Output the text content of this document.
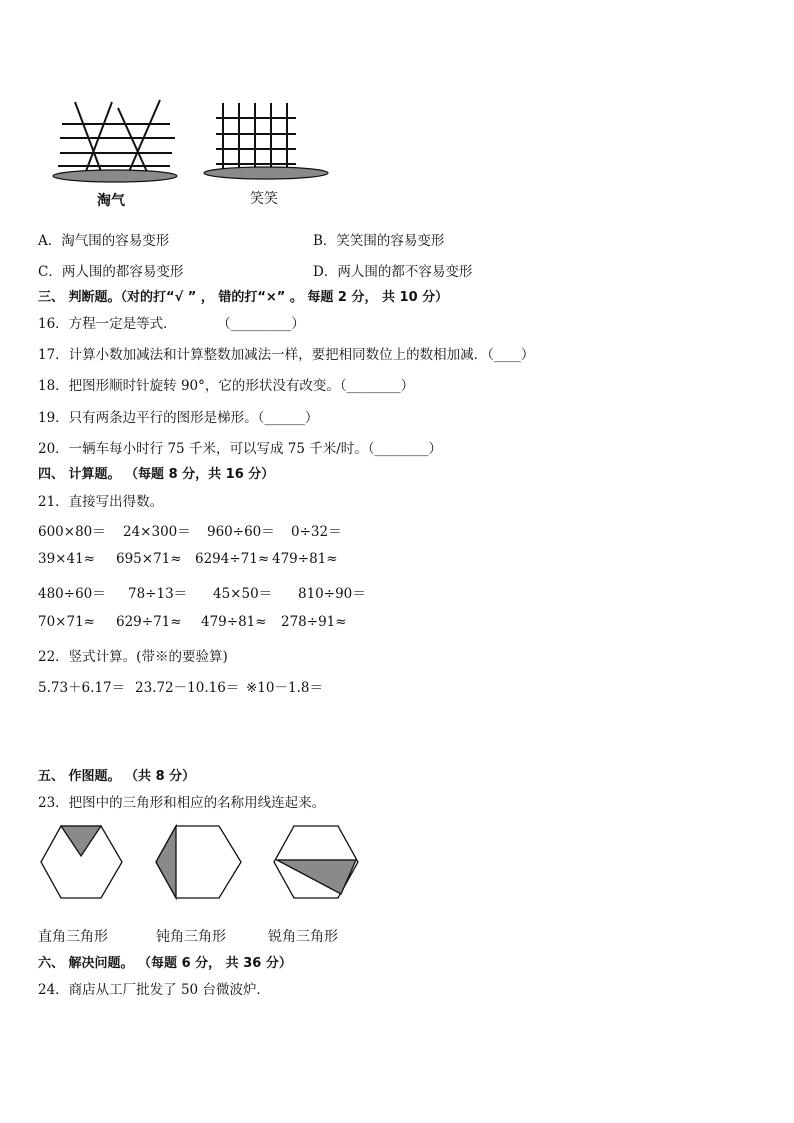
淘气	笑笑
A．淘气围的容易变形	B．笑笑围的容易变形
C．两人围的都容易变形	D．两人围的都不容易变形
三、 判断题。（对的打“√ ” ， 错的打“×” 。 每题 2 分， 共 10 分）
16．方程一定是等式．　　　　（_________）
17．计算小数加减法和计算整数加减法一样，要把相同数位上的数相加减．（____）
18．把图形顺时针旋转 90°，它的形状没有改变。（________）
19．只有两条边平行的图形是梯形。（______）
20．一辆车每小时行 75 千米，可以写成 75 千米/时。（________）
四、 计算题。 （每题 8 分，共 16 分）
21．直接写出得数。
600×80＝ 24×300＝ 960÷60＝ 0÷32＝
39×41≈ 695×71≈ 6294÷71≈ 479÷81≈
480÷60＝ 78÷13＝ 45×50＝ 810÷90＝
70×71≈ 629÷71≈ 479÷81≈ 278÷91≈
22．竖式计算。(带※的要验算)
5.73＋6.17＝ 23.72－10.16＝ ※10－1.8＝
五、 作图题。 （共 8 分）
23．把图中的三角形和相应的名称用线连起来。
直角三角形	钝角三角形	锐角三角形
六、 解决问题。 （每题 6 分， 共 36 分）
24．商店从工厂批发了 50 台微波炉．
